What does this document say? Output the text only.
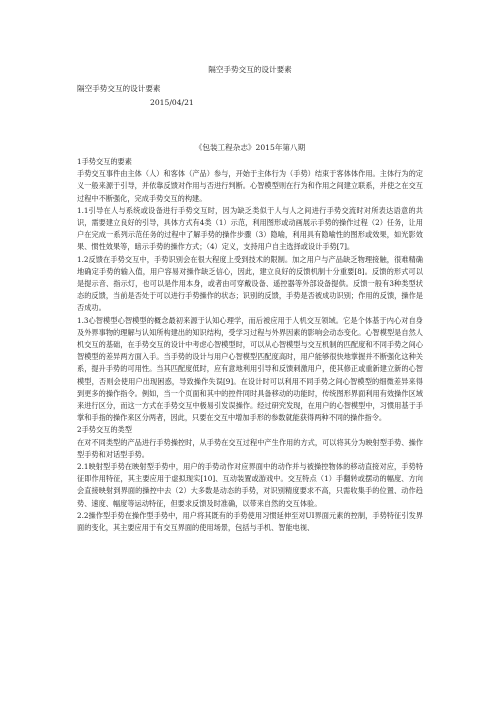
隔空手势交互的设计要素
隔空手势交互的设计要素
2015/04/21
《包装工程杂志》2015年第八期

1手势交互的要素

手势交互事件由主体（人）和客体（产品）参与，开始于主体行为（手势）结束于客体体作用。主体行为的定义一般来源于引导，并依靠反馈对作用与否进行判断。心智模型则在行为和作用之间建立联系，并使之在交互过程中不断强化，完成手势交互的构建。

1.1引导在人与系统或设备进行手势交互时，因为缺乏类似于人与人之间进行手势交流时对所表达语意的共识，需要建立良好的引导，具体方式有4类（1）示范，利用图形或动画展示手势的操作过程（2）任务，让用户在完成一系列示范任务的过程中了解手势的操作步骤（3）隐喻，利用具有隐喻性的图形或效果，如光影效果、惯性效果等，暗示手势的操作方式；（4）定义，支持用户自主选择或设计手势[7]。

1.2反馈在手势交互中，手势识别会在很大程度上受到技术的限制。加之用户与产品缺乏物理接触，很难精确地确定手势的输入值，用户容易对操作缺乏信心，因此，建立良好的反馈机制十分重要[8]。反馈的形式可以是提示音、指示灯，也可以是作用本身，或者由可穿戴设备、遥控器等外部设备提供。反馈一般有3种类型状态的反馈，当前是否处于可以进行手势操作的状态；识别的反馈，手势是否被成功识别；作用的反馈，操作是否成功。

1.3心智模型心智模型的概念最初来源于认知心理学，而后被应用于人机交互领域。它是个体基于内心对自身及外界事物的理解与认知所构建出的知识结构，受学习过程与外界因素的影响会动态变化。心智模型是自然人机交互的基础，在手势交互的设计中考虑心智模型时，可以从心智模型与交互机制的匹配度和不同手势之间心智模型的差异两方面入手。当手势的设计与用户心智模型匹配度高时，用户能够很快地掌握并不断强化这种关系，提升手势的可用性。当其匹配度低时，应有意地利用引导和反馈刺激用户，使其修正或重新建立新的心智模型，否则会使用户出现困惑，导致操作失误[9]。在设计时可以利用不同手势之间心智模型的细微差异来得到更多的操作指令。例如，当一个页面和其中的控件同时具备移动的功能时，传统图形界面利用有效操作区域来进行区分，而这一方式在手势交互中极易引发误操作。经过研究发现，在用户的心智模型中，习惯用基于手掌和手指的操作来区分两者，因此，只要在交互中增加手形的参数就能获得两种不同的操作指令。

2手势交互的类型

在对不同类型的产品进行手势操控时，从手势在交互过程中产生作用的方式，可以将其分为映射型手势、操作型手势和对话型手势。

2.1映射型手势在映射型手势中，用户的手势动作对应界面中的动作并与被操控物体的移动直接对应，手势特征即作用特征，其主要应用于虚拟现实[10]、互动装置或游戏中。交互特点（1）手翻转或摆动的幅度、方向会直接映射到界面的操控中去（2）大多数是动态的手势，对识别精度要求不高，只需收集手的位置、动作趋势、速度、幅度等运动特征，但要求反馈及时准确，以带来自然的交互体验。

2.2操作型手势在操作型手势中，用户将其既有的手势使用习惯延伸至对UI界面元素的控制，手势特征引发界面的变化，其主要应用于有交互界面的使用场景，包括与手机、智能电视、
